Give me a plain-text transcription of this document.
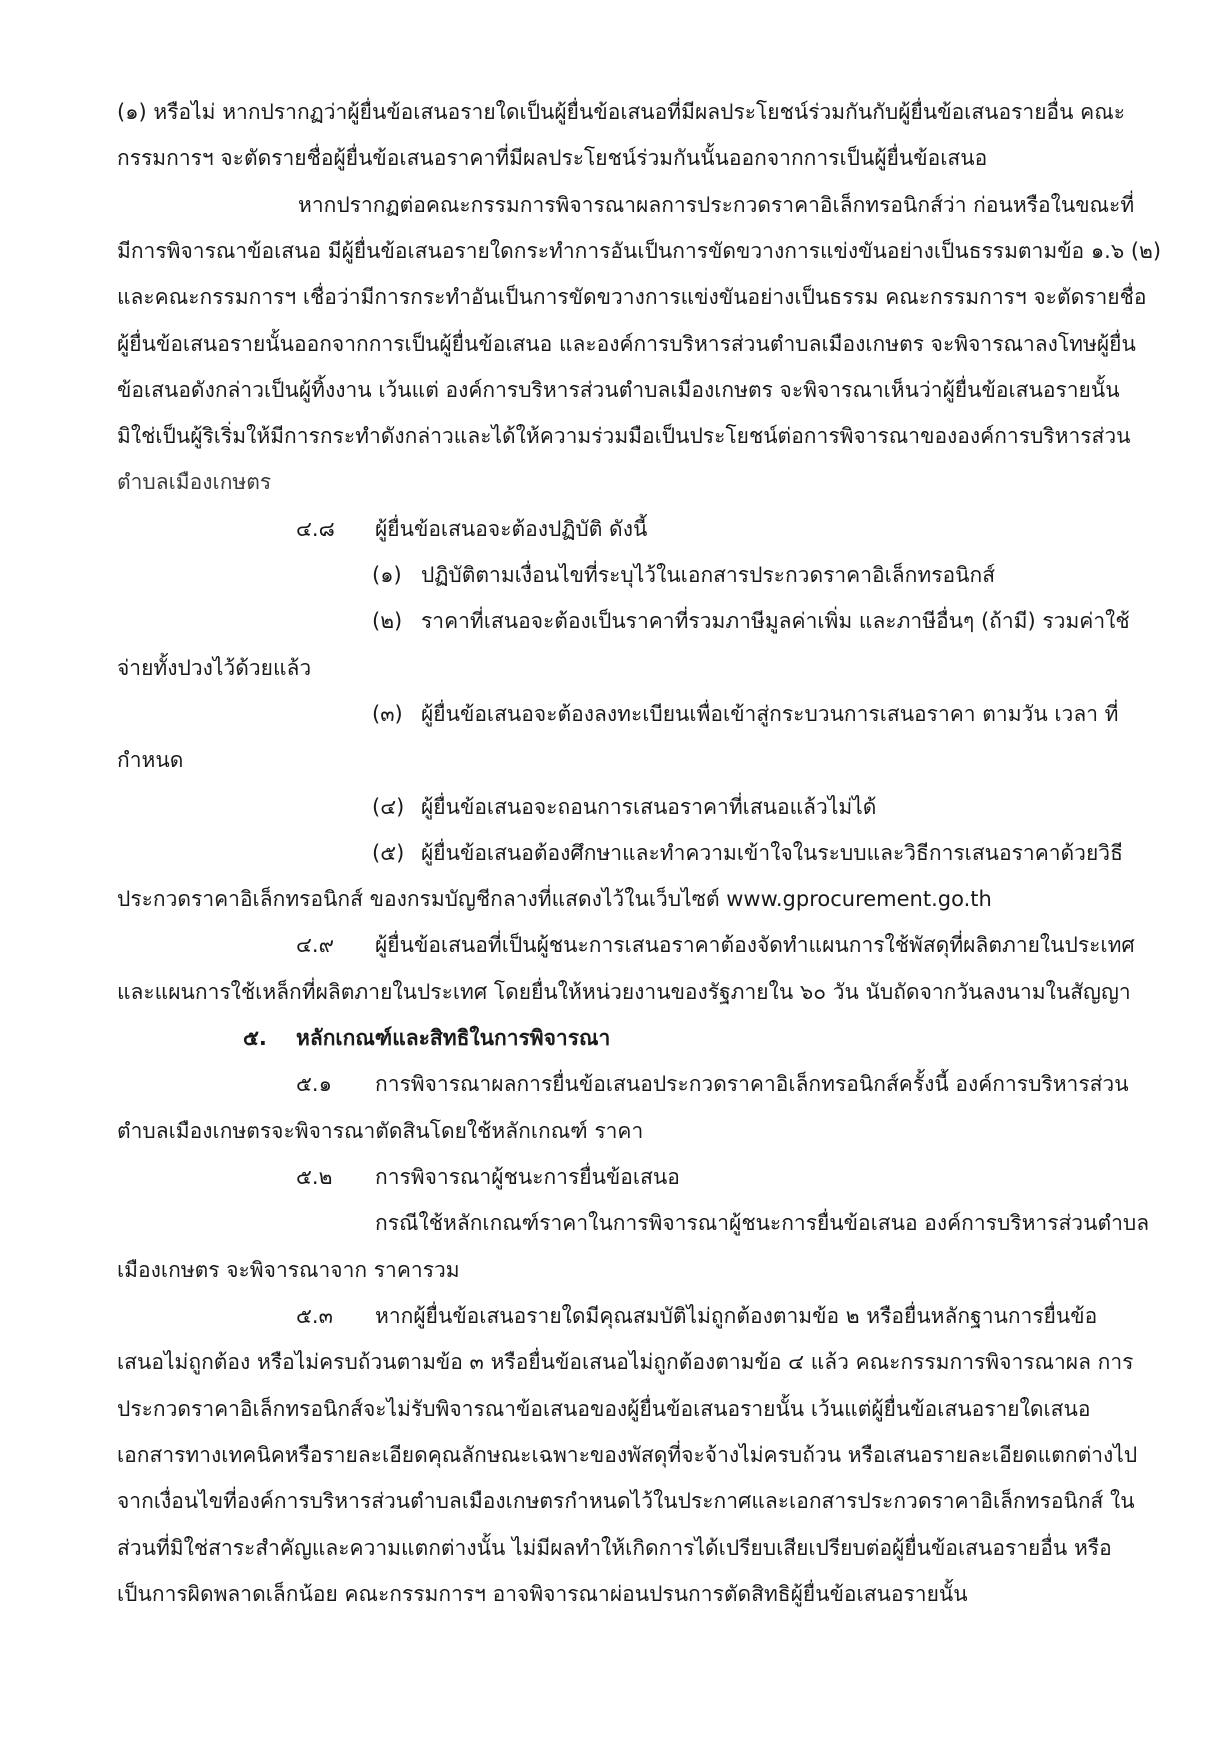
(๑) หรือไม่ หากปรากฏว่าผู้ยื่นข้อเสนอรายใดเป็นผู้ยื่นข้อเสนอที่มีผลประโยชน์ร่วมกันกับผู้ยื่นข้อเสนอรายอื่น คณะ
กรรมการฯ จะตัดรายชื่อผู้ยื่นข้อเสนอราคาที่มีผลประโยชน์ร่วมกันนั้นออกจากการเป็นผู้ยื่นข้อเสนอ
หากปรากฏต่อคณะกรรมการพิจารณาผลการประกวดราคาอิเล็กทรอนิกส์ว่า ก่อนหรือในขณะที่
มีการพิจารณาข้อเสนอ มีผู้ยื่นข้อเสนอรายใดกระทำการอันเป็นการขัดขวางการแข่งขันอย่างเป็นธรรมตามข้อ ๑.๖ (๒)
และคณะกรรมการฯ เชื่อว่ามีการกระทำอันเป็นการขัดขวางการแข่งขันอย่างเป็นธรรม คณะกรรมการฯ จะตัดรายชื่อ
ผู้ยื่นข้อเสนอรายนั้นออกจากการเป็นผู้ยื่นข้อเสนอ และองค์การบริหารส่วนตำบลเมืองเกษตร จะพิจารณาลงโทษผู้ยื่น
ข้อเสนอดังกล่าวเป็นผู้ทิ้งงาน เว้นแต่ องค์การบริหารส่วนตำบลเมืองเกษตร จะพิจารณาเห็นว่าผู้ยื่นข้อเสนอรายนั้น
มิใช่เป็นผู้ริเริ่มให้มีการกระทำดังกล่าวและได้ให้ความร่วมมือเป็นประโยชน์ต่อการพิจารณาขององค์การบริหารส่วน
ตำบลเมืองเกษตร
๔.๘ ผู้ยื่นข้อเสนอจะต้องปฏิบัติ ดังนี้
(๑) ปฏิบัติตามเงื่อนไขที่ระบุไว้ในเอกสารประกวดราคาอิเล็กทรอนิกส์
(๒) ราคาที่เสนอจะต้องเป็นราคาที่รวมภาษีมูลค่าเพิ่ม และภาษีอื่นๆ (ถ้ามี) รวมค่าใช้
จ่ายทั้งปวงไว้ด้วยแล้ว
(๓) ผู้ยื่นข้อเสนอจะต้องลงทะเบียนเพื่อเข้าสู่กระบวนการเสนอราคา ตามวัน เวลา ที่
กำหนด
(๔) ผู้ยื่นข้อเสนอจะถอนการเสนอราคาที่เสนอแล้วไม่ได้
(๕) ผู้ยื่นข้อเสนอต้องศึกษาและทำความเข้าใจในระบบและวิธีการเสนอราคาด้วยวิธี
ประกวดราคาอิเล็กทรอนิกส์ ของกรมบัญชีกลางที่แสดงไว้ในเว็บไซต์ www.gprocurement.go.th
๔.๙ ผู้ยื่นข้อเสนอที่เป็นผู้ชนะการเสนอราคาต้องจัดทำแผนการใช้พัสดุที่ผลิตภายในประเทศ
และแผนการใช้เหล็กที่ผลิตภายในประเทศ โดยยื่นให้หน่วยงานของรัฐภายใน ๖๐ วัน นับถัดจากวันลงนามในสัญญา
๕. หลักเกณฑ์และสิทธิในการพิจารณา
๕.๑ การพิจารณาผลการยื่นข้อเสนอประกวดราคาอิเล็กทรอนิกส์ครั้งนี้ องค์การบริหารส่วน
ตำบลเมืองเกษตรจะพิจารณาตัดสินโดยใช้หลักเกณฑ์ ราคา
๕.๒ การพิจารณาผู้ชนะการยื่นข้อเสนอ
กรณีใช้หลักเกณฑ์ราคาในการพิจารณาผู้ชนะการยื่นข้อเสนอ องค์การบริหารส่วนตำบล
เมืองเกษตร จะพิจารณาจาก ราคารวม
๕.๓ หากผู้ยื่นข้อเสนอรายใดมีคุณสมบัติไม่ถูกต้องตามข้อ ๒ หรือยื่นหลักฐานการยื่นข้อ
เสนอไม่ถูกต้อง หรือไม่ครบถ้วนตามข้อ ๓ หรือยื่นข้อเสนอไม่ถูกต้องตามข้อ ๔ แล้ว คณะกรรมการพิจารณาผล การ
ประกวดราคาอิเล็กทรอนิกส์จะไม่รับพิจารณาข้อเสนอของผู้ยื่นข้อเสนอรายนั้น เว้นแต่ผู้ยื่นข้อเสนอรายใดเสนอ
เอกสารทางเทคนิคหรือรายละเอียดคุณลักษณะเฉพาะของพัสดุที่จะจ้างไม่ครบถ้วน หรือเสนอรายละเอียดแตกต่างไป
จากเงื่อนไขที่องค์การบริหารส่วนตำบลเมืองเกษตรกำหนดไว้ในประกาศและเอกสารประกวดราคาอิเล็กทรอนิกส์ ใน
ส่วนที่มิใช่สาระสำคัญและความแตกต่างนั้น ไม่มีผลทำให้เกิดการได้เปรียบเสียเปรียบต่อผู้ยื่นข้อเสนอรายอื่น หรือ
เป็นการผิดพลาดเล็กน้อย คณะกรรมการฯ อาจพิจารณาผ่อนปรนการตัดสิทธิผู้ยื่นข้อเสนอรายนั้น
